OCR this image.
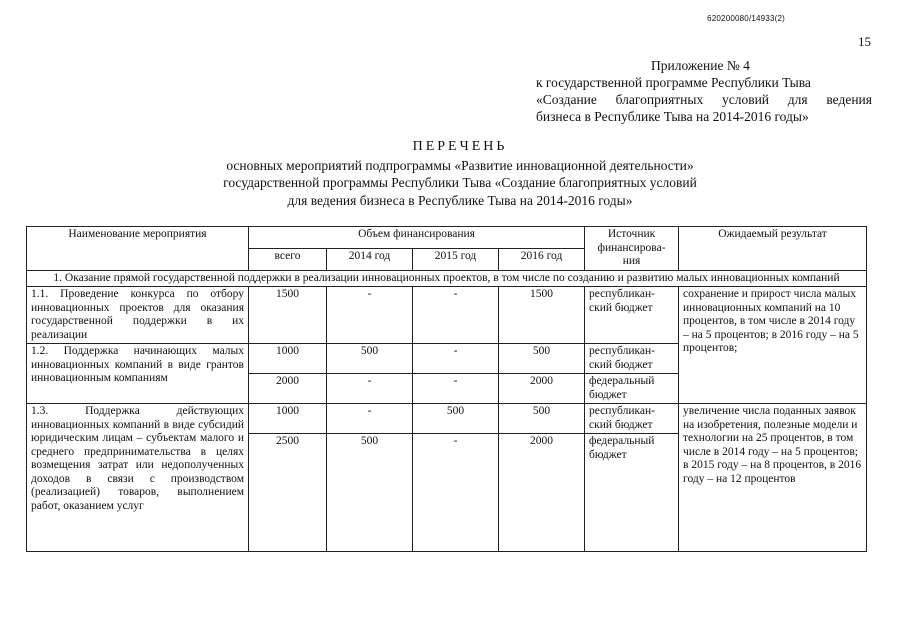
620200080/14933(2)
15
Приложение № 4
к государственной программе Республики Тыва
«Создание благоприятных условий для ведения
бизнеса в Республике Тыва на 2014-2016 годы»
ПЕРЕЧЕНЬ
основных мероприятий подпрограммы «Развитие инновационной деятельности»
государственной программы Республики Тыва «Создание благоприятных условий
для ведения бизнеса в Республике Тыва на 2014-2016 годы»
Наименование мероприятия	Объем финансирования				Источник финансирова-ния	Ожидаемый результат
	всего	2014 год	2015 год	2016 год		
1. Оказание прямой государственной поддержки в реализации инновационных проектов, в том числе по созданию и развитию малых инновационных компаний						
1.1. Проведение конкурса по отбору инновационных проектов для оказания государственной поддержки в их реализации	1500	-	-	1500	республикан-ский бюджет	сохранение и прирост числа малых инновационных компаний на 10 процентов, в том числе в 2014 году – на 5 процентов; в 2016 году – на 5 процентов;
1.2. Поддержка начинающих малых инновационных компаний в виде грантов инновационным компаниям	1000	500	-	500	республикан-ский бюджет	
	2000	-	-	2000	федеральный бюджет	
1.3. Поддержка действующих инновационных компаний в виде субсидий юридическим лицам – субъектам малого и среднего предпринимательства в целях возмещения затрат или недополученных доходов в связи с производством (реализацией) товаров, выполнением работ, оказанием услуг	1000	-	500	500	республикан-ский бюджет	увеличение числа поданных заявок на изобретения, полезные модели и технологии на 25 процентов, в том числе в 2014 году – на 5 процентов; в 2015 году – на 8 процентов, в 2016 году – на 12 процентов
	2500	500	-	2000	федеральный бюджет	
